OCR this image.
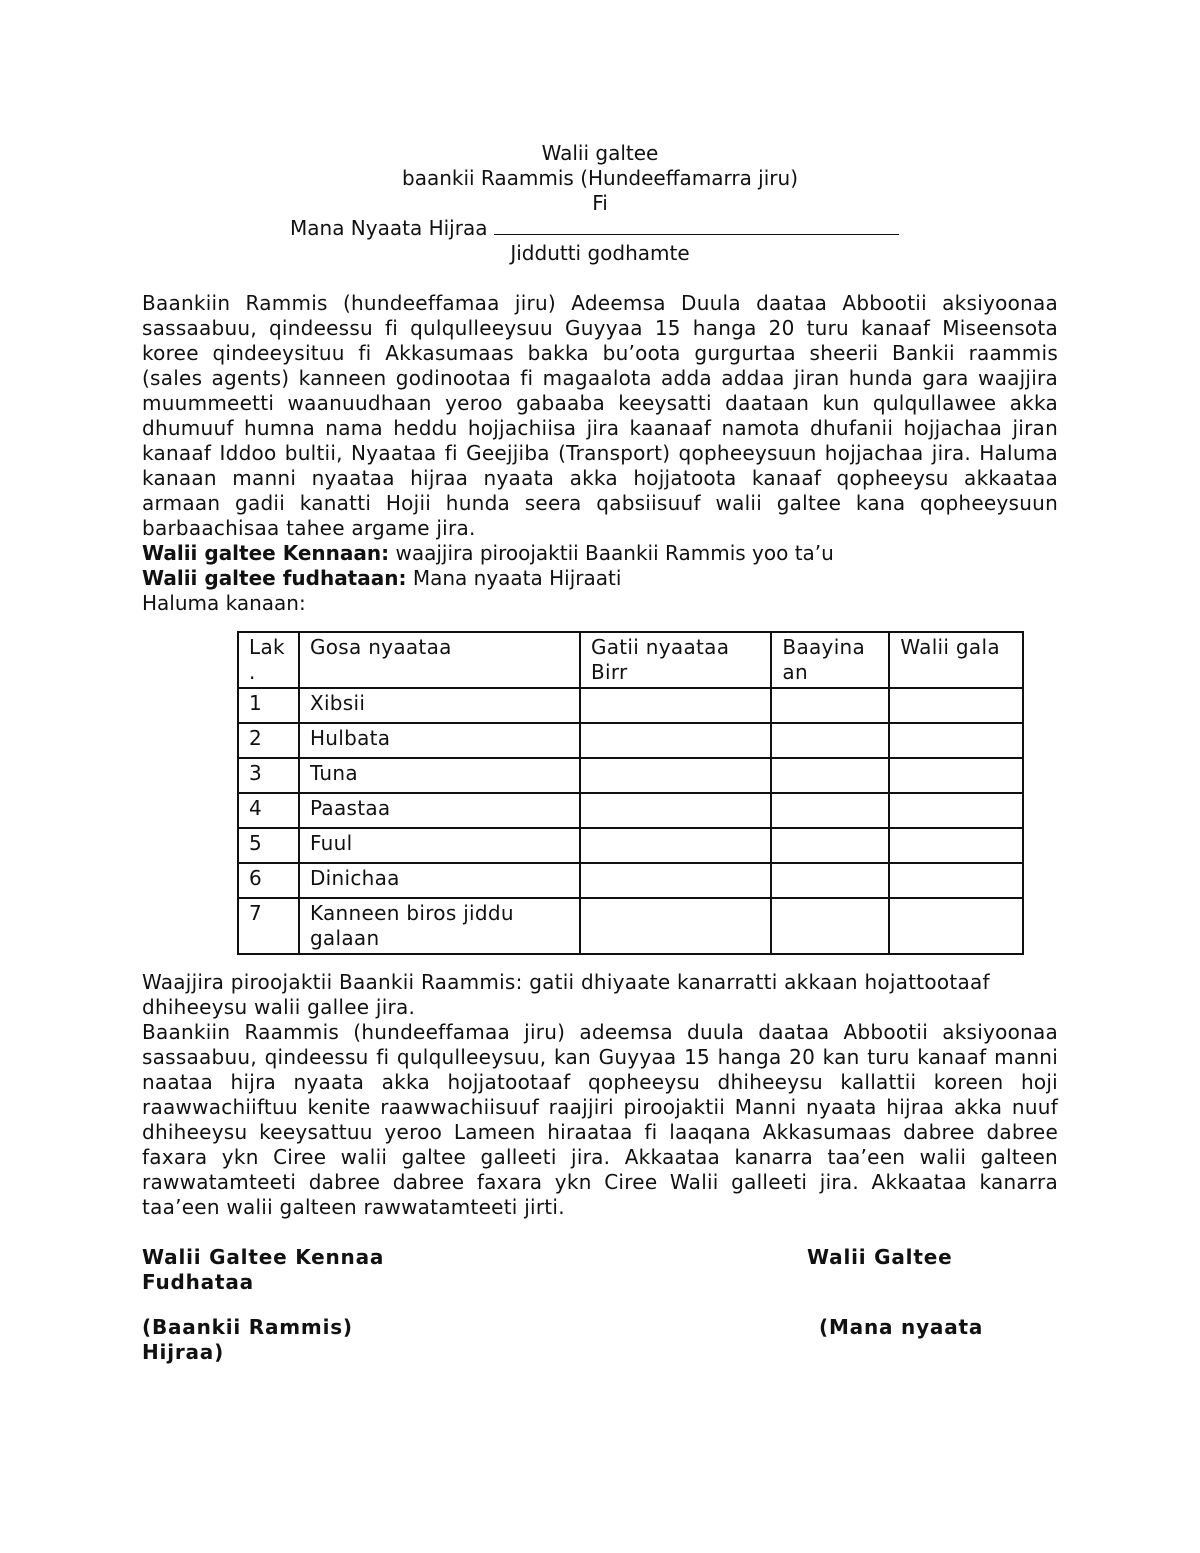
Walii galtee
baankii Raammis (Hundeeffamarra jiru)
Fi
Mana Nyaata Hijraa
Jiddutti godhamte

Baankiin Rammis (hundeeffamaa jiru) Adeemsa Duula daataa Abbootii aksiyoonaa sassaabuu, qindeessu fi qulqulleeysuu Guyyaa 15 hanga 20 turu kanaaf Miseensota koree qindeeysituu fi Akkasumaas bakka bu’oota gurgurtaa sheerii Bankii raammis (sales agents) kanneen godinootaa fi magaalota adda addaa jiran hunda gara waajjira muummeetti waanuudhaan yeroo gabaaba keeysatti daataan kun qulqullawee akka dhumuuf humna nama heddu hojjachiisa jira kaanaaf namota dhufanii hojjachaa jiran kanaaf Iddoo bultii, Nyaataa fi Geejjiba (Transport) qopheeysuun hojjachaa jira. Haluma kanaan manni nyaataa hijraa nyaata akka hojjatoota kanaaf qopheeysu akkaataa armaan gadii kanatti Hojii hunda seera qabsiisuuf walii galtee kana qopheeysuun barbaachisaa tahee argame jira.

Walii galtee Kennaan: waajjira piroojaktii Baankii Rammis yoo ta’u

Walii galtee fudhataan: Mana nyaata Hijraati

Haluma kanaan:

Lak .	Gosa nyaataa	Gatii nyaataa Birr	Baayina an	Walii gala
1	Xibsii			
2	Hulbata			
3	Tuna			
4	Paastaa			
5	Fuul			
6	Dinichaa			
7	Kanneen biros jiddu galaan			

Waajjira piroojaktii Baankii Raammis: gatii dhiyaate kanarratti akkaan hojattootaaf dhiheeysu walii gallee jira.

Baankiin Raammis (hundeeffamaa jiru) adeemsa duula daataa Abbootii aksiyoonaa sassaabuu, qindeessu fi qulqulleeysuu, kan Guyyaa 15 hanga 20 kan turu kanaaf manni naataa hijra nyaata akka hojjatootaaf qopheeysu dhiheeysu kallattii koreen hoji raawwachiiftuu kenite raawwachiisuuf raajjiri piroojaktii Manni nyaata hijraa akka nuuf dhiheeysu keeysattuu yeroo Lameen hiraataa fi laaqana Akkasumaas dabree dabree faxara ykn Ciree walii galtee galleeti jira. Akkaataa kanarra taa’een walii galteen rawwatamteeti dabree dabree faxara ykn Ciree Walii galleeti jira. Akkaataa kanarra taa’een walii galteen rawwatamteeti jirti.

Walii Galtee Kennaa	Walii Galtee
Fudhataa
(Baankii Rammis)	(Mana nyaata
Hijraa)
